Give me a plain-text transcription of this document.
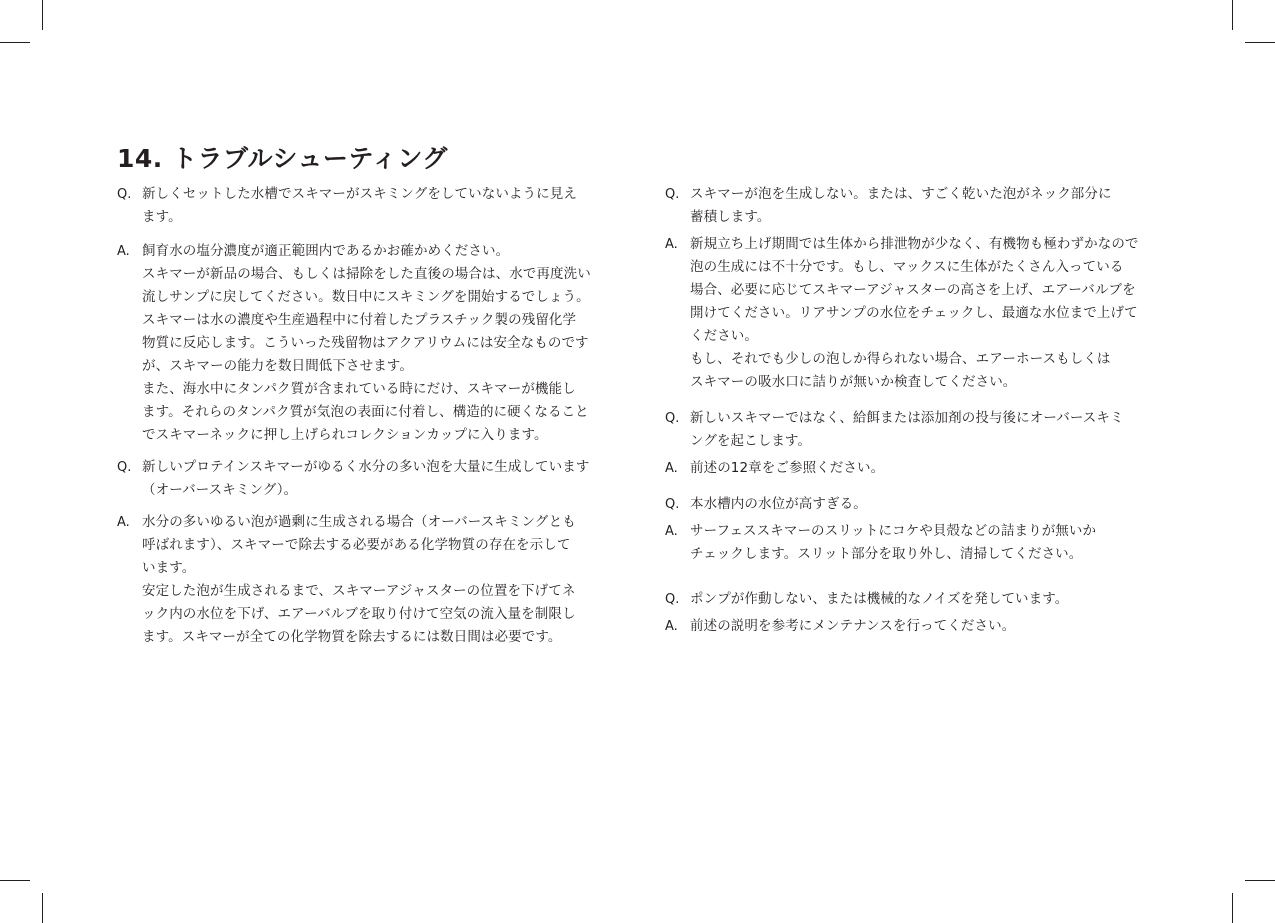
14. トラブルシューティング
Q. 新しくセットした水槽でスキマーがスキミングをしていないように見え
ます。
A. 飼育水の塩分濃度が適正範囲内であるかお確かめください。
スキマーが新品の場合、もしくは掃除をした直後の場合は、水で再度洗い
流しサンプに戻してください。数日中にスキミングを開始するでしょう。
スキマーは水の濃度や生産過程中に付着したプラスチック製の残留化学
物質に反応します。こういった残留物はアクアリウムには安全なものです
が、スキマーの能力を数日間低下させます。
また、海水中にタンパク質が含まれている時にだけ、スキマーが機能し
ます。それらのタンパク質が気泡の表面に付着し、構造的に硬くなること
でスキマーネックに押し上げられコレクションカップに入ります。
Q. 新しいプロテインスキマーがゆるく水分の多い泡を大量に生成しています
（オーバースキミング）。
A. 水分の多いゆるい泡が過剰に生成される場合（オーバースキミングとも
呼ばれます）、スキマーで除去する必要がある化学物質の存在を示して
います。
安定した泡が生成されるまで、スキマーアジャスターの位置を下げてネ
ック内の水位を下げ、エアーバルブを取り付けて空気の流入量を制限し
ます。スキマーが全ての化学物質を除去するには数日間は必要です。
Q. スキマーが泡を生成しない。または、すごく乾いた泡がネック部分に
蓄積します。
A. 新規立ち上げ期間では生体から排泄物が少なく、有機物も極わずかなので
泡の生成には不十分です。もし、マックスに生体がたくさん入っている
場合、必要に応じてスキマーアジャスターの高さを上げ、エアーバルブを
開けてください。リアサンプの水位をチェックし、最適な水位まで上げて
ください。
もし、それでも少しの泡しか得られない場合、エアーホースもしくは
スキマーの吸水口に詰りが無いか検査してください。
Q. 新しいスキマーではなく、給餌または添加剤の投与後にオーバースキミ
ングを起こします。
A. 前述の12章をご参照ください。
Q. 本水槽内の水位が高すぎる。
A. サーフェススキマーのスリットにコケや貝殻などの詰まりが無いか
チェックします。スリット部分を取り外し、清掃してください。
Q. ポンプが作動しない、または機械的なノイズを発しています。
A. 前述の説明を参考にメンテナンスを行ってください。
